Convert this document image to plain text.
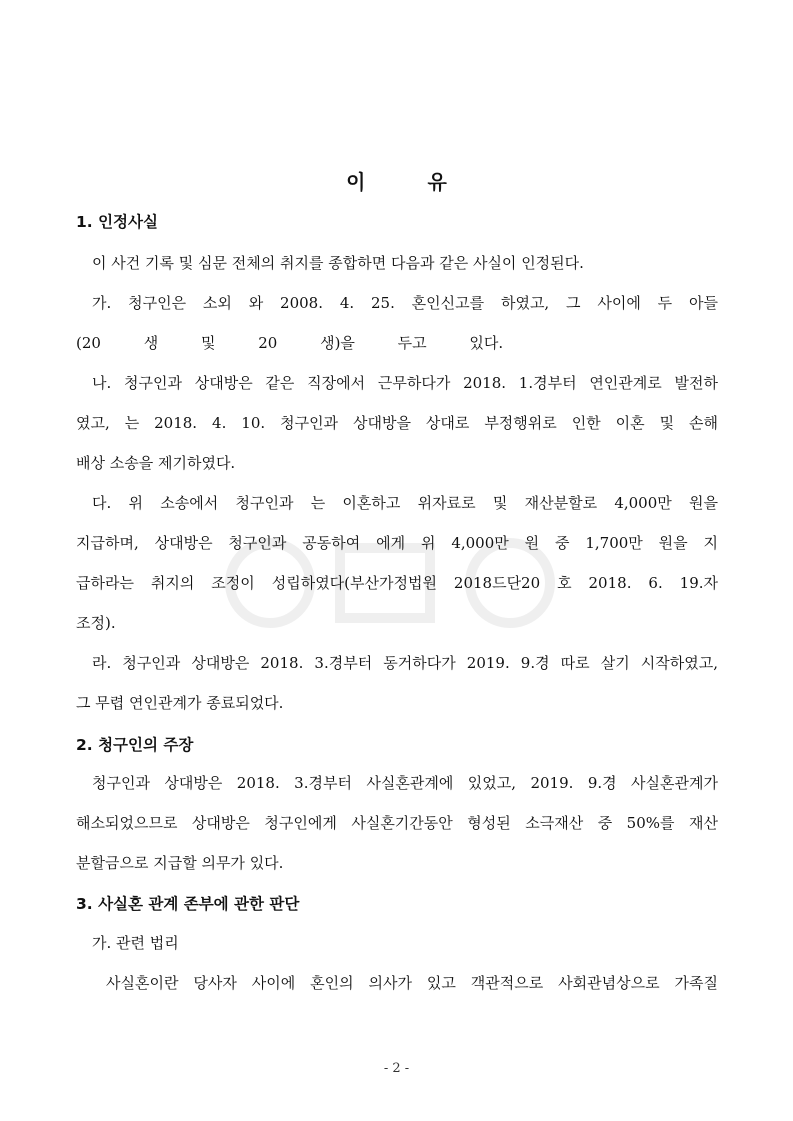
이	유
1. 인정사실
이 사건 기록 및 심문 전체의 취지를 종합하면 다음과 같은 사실이 인정된다.
가. 청구인은 소외 와 2008. 4. 25. 혼인신고를 하였고, 그 사이에 두 아들
(20 생 및 20 생)을 두고 있다.
나. 청구인과 상대방은 같은 직장에서 근무하다가 2018. 1.경부터 연인관계로 발전하
였고, 는 2018. 4. 10. 청구인과 상대방을 상대로 부정행위로 인한 이혼 및 손해
배상 소송을 제기하였다.
다. 위 소송에서 청구인과 는 이혼하고 위자료로 및 재산분할로 4,000만 원을
지급하며, 상대방은 청구인과 공동하여 에게 위 4,000만 원 중 1,700만 원을 지
급하라는 취지의 조정이 성립하였다(부산가정법원 2018드단20 호 2018. 6. 19.자
조정).
라. 청구인과 상대방은 2018. 3.경부터 동거하다가 2019. 9.경 따로 살기 시작하였고,
그 무렵 연인관계가 종료되었다.
2. 청구인의 주장
청구인과 상대방은 2018. 3.경부터 사실혼관계에 있었고, 2019. 9.경 사실혼관계가
해소되었으므로 상대방은 청구인에게 사실혼기간동안 형성된 소극재산 중 50%를 재산
분할금으로 지급할 의무가 있다.
3. 사실혼 관계 존부에 관한 판단
가. 관련 법리
사실혼이란 당사자 사이에 혼인의 의사가 있고 객관적으로 사회관념상으로 가족질
- 2 -
